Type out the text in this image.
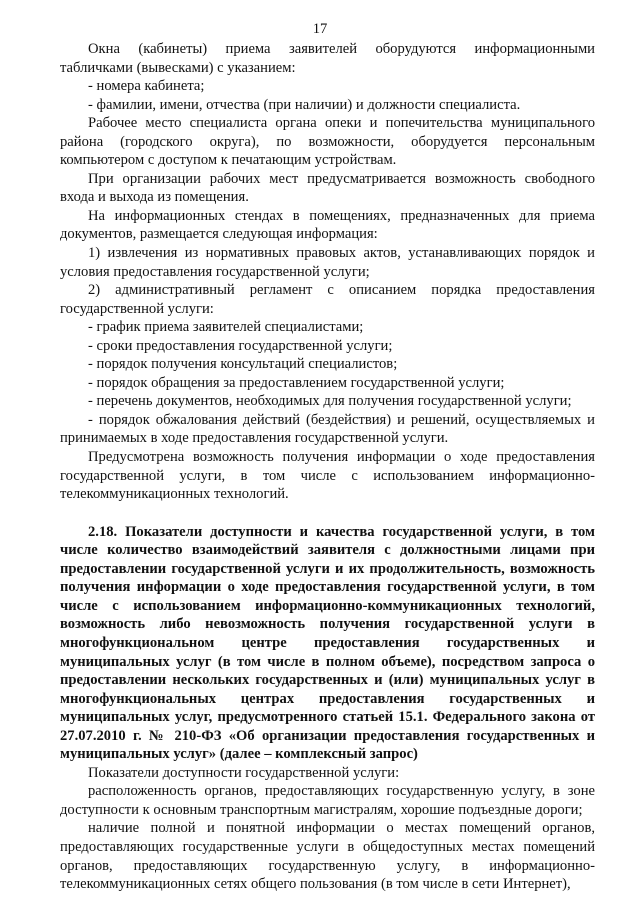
17

Окна (кабинеты) приема заявителей оборудуются информационными табличками (вывесками) с указанием:

- номера кабинета;

- фамилии, имени, отчества (при наличии) и должности специалиста.

Рабочее место специалиста органа опеки и попечительства муниципального района (городского округа), по возможности, оборудуется персональным компьютером с доступом к печатающим устройствам.

При организации рабочих мест предусматривается возможность свободного входа и выхода из помещения.

На информационных стендах в помещениях, предназначенных для приема документов, размещается следующая информация:

1) извлечения из нормативных правовых актов, устанавливающих порядок и условия предоставления государственной услуги;

2) административный регламент с описанием порядка предоставления государственной услуги:

- график приема заявителей специалистами;

- сроки предоставления государственной услуги;

- порядок получения консультаций специалистов;

- порядок обращения за предоставлением государственной услуги;

- перечень документов, необходимых для получения государственной услуги;

- порядок обжалования действий (бездействия) и решений, осуществляемых и принимаемых в ходе предоставления государственной услуги.

Предусмотрена возможность получения информации о ходе предоставления государственной услуги, в том числе с использованием информационно-телекоммуникационных технологий.

2.18. Показатели доступности и качества государственной услуги, в том числе количество взаимодействий заявителя с должностными лицами при предоставлении государственной услуги и их продолжительность, возможность получения информации о ходе предоставления государственной услуги, в том числе с использованием информационно-коммуникационных технологий, возможность либо невозможность получения государственной услуги в многофункциональном центре предоставления государственных и муниципальных услуг (в том числе в полном объеме), посредством запроса о предоставлении нескольких государственных и (или) муниципальных услуг в многофункциональных центрах предоставления государственных и муниципальных услуг, предусмотренного статьей 15.1. Федерального закона от 27.07.2010 г. № 210-ФЗ «Об организации предоставления государственных и муниципальных услуг» (далее – комплексный запрос)

Показатели доступности государственной услуги:

расположенность органов, предоставляющих государственную услугу, в зоне доступности к основным транспортным магистралям, хорошие подъездные дороги;

наличие полной и понятной информации о местах помещений органов, предоставляющих государственные услуги в общедоступных местах помещений органов, предоставляющих государственную услугу, в информационно-телекоммуникационных сетях общего пользования (в том числе в сети Интернет),
